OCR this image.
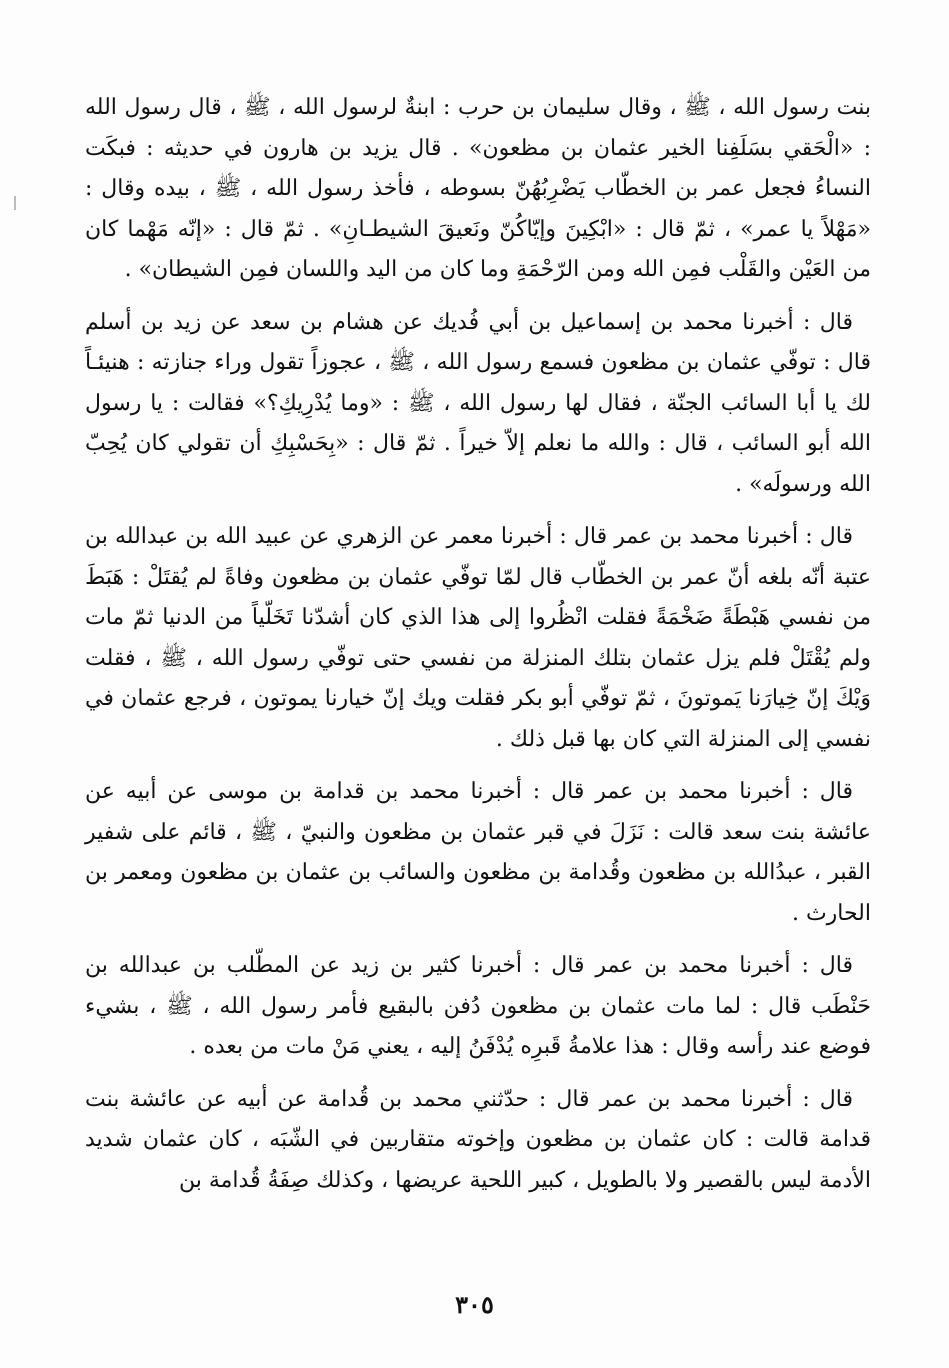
بنت رسول الله ، ﷺ ، وقال سليمان بن حرب : ابنةٌ لرسول الله ، ﷺ ، قال رسول الله : «الْحَقي بسَلَفِنا الخير عثمان بن مظعون» . قال يزيد بن هارون في حديثه : فبكَت النساءُ فجعل عمر بن الخطّاب يَضْرِبُهُنّ بسوطه ، فأخذ رسول الله ، ﷺ ، بيده وقال : «مَهْلاً يا عمر» ، ثمّ قال : «ابْكِينَ وإيّاكُنّ ونَعيقَ الشيطـانِ» . ثمّ قال : «إنّه مَهْما كان من العَيْن والقَلْب فمِن الله ومن الرّحْمَةِ وما كان من اليد واللسان فمِن الشيطان» .

قال : أخبرنا محمد بن إسماعيل بن أبي فُديك عن هشام بن سعد عن زيد بن أسلم قال : توفّي عثمان بن مظعون فسمع رسول الله ، ﷺ ، عجوزاً تقول وراء جنازته : هنيئـاً لك يا أبا السائب الجنّة ، فقال لها رسول الله ، ﷺ : «وما يُدْرِيكِ؟» فقالت : يا رسول الله أبو السائب ، قال : والله ما نعلم إلاّ خيراً . ثمّ قال : «بِحَسْبِكِ أن تقولي كان يُحِبّ الله ورسولَه» .

قال : أخبرنا محمد بن عمر قال : أخبرنا معمر عن الزهري عن عبيد الله بن عبدالله بن عتبة أنّه بلغه أنّ عمر بن الخطّاب قال لمّا توفّي عثمان بن مظعون وفاةً لم يُقتَلْ : هَبَطَ من نفسي هَبْطَةً ضَخْمَةً فقلت انْظُروا إلى هذا الذي كان أشدّنا تَخَلّياً من الدنيا ثمّ مات ولم يُقْتَلْ فلم يزل عثمان بتلك المنزلة من نفسي حتى توفّي رسول الله ، ﷺ ، فقلت وَيْكَ إنّ خِيارَنا يَموتونَ ، ثمّ توفّي أبو بكر فقلت ويك إنّ خيارنا يموتون ، فرجع عثمان في نفسي إلى المنزلة التي كان بها قبل ذلك .

قال : أخبرنا محمد بن عمر قال : أخبرنا محمد بن قدامة بن موسى عن أبيه عن عائشة بنت سعد قالت : نَزَلَ في قبر عثمان بن مظعون والنبيّ ، ﷺ ، قائم على شفير القبر ، عبدُالله بن مظعون وقُدامة بن مظعون والسائب بن عثمان بن مظعون ومعمر بن الحارث .

قال : أخبرنا محمد بن عمر قال : أخبرنا كثير بن زيد عن المطّلب بن عبدالله بن حَنْطَب قال : لما مات عثمان بن مظعون دُفن بالبقيع فأمر رسول الله ، ﷺ ، بشيء فوضع عند رأسه وقال : هذا علامةُ قَبرِه يُدْفَنُ إليه ، يعني مَنْ مات من بعده .

قال : أخبرنا محمد بن عمر قال : حدّثني محمد بن قُدامة عن أبيه عن عائشة بنت قدامة قالت : كان عثمان بن مظعون وإخوته متقاربين في الشّبَه ، كان عثمان شديد الأدمة ليس بالقصير ولا بالطويل ، كبير اللحية عريضها ، وكذلك صِفَةُ قُدامة بن

٣٠٥
